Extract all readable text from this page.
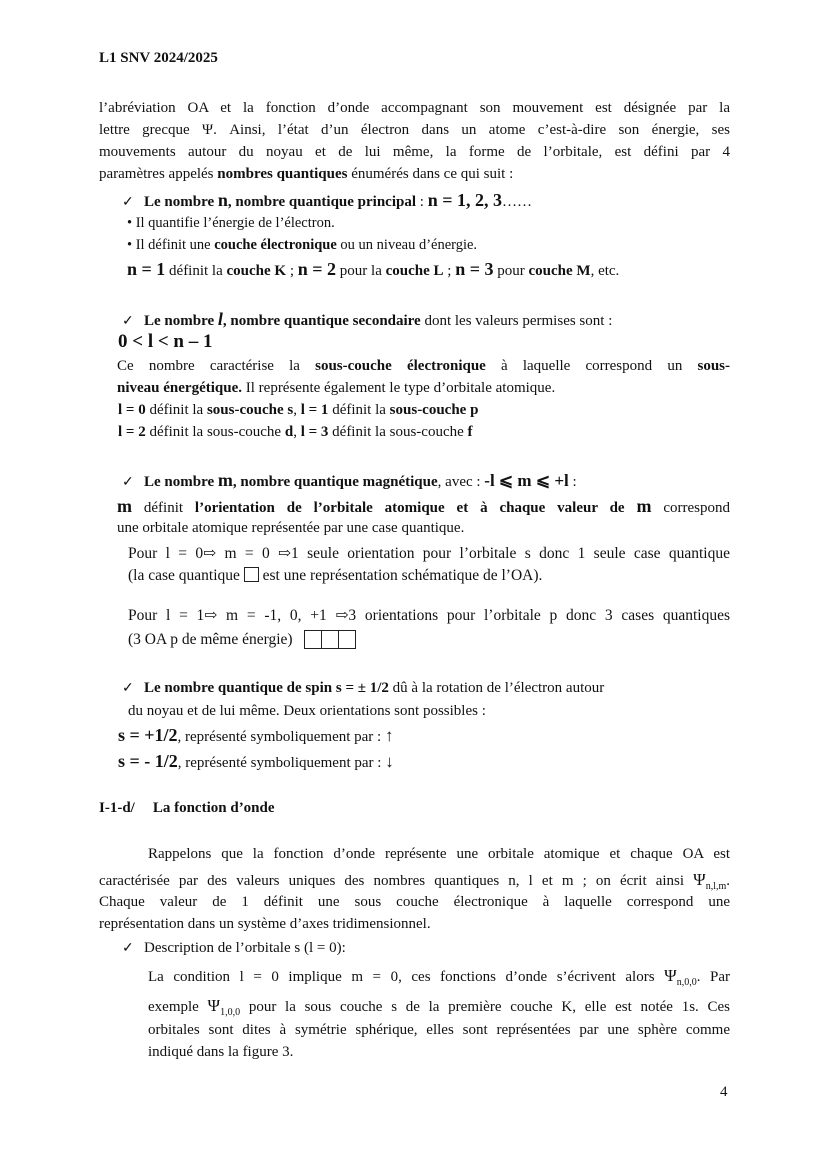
L1 SNV 2024/2025
l’abréviation OA et la fonction d’onde accompagnant son mouvement est désignée par la
lettre grecque Ψ. Ainsi, l’état d’un électron dans un atome c’est-à-dire son énergie, ses
mouvements autour du noyau et de lui même, la forme de l’orbitale, est défini par 4
paramètres appelés nombres quantiques énumérés dans ce qui suit :
✓ Le nombre n, nombre quantique principal : n = 1, 2, 3……
• Il quantifie l’énergie de l’électron.
• Il définit une couche électronique ou un niveau d’énergie.
n = 1 définit la couche K ; n = 2 pour la couche L ; n = 3 pour couche M, etc.
✓ Le nombre l, nombre quantique secondaire dont les valeurs permises sont :
0 < l < n – 1
Ce nombre caractérise la sous-couche électronique à laquelle correspond un sous-
niveau énergétique. Il représente également le type d’orbitale atomique.
l = 0 définit la sous-couche s, l = 1 définit la sous-couche p
l = 2 définit la sous-couche d, l = 3 définit la sous-couche f
✓ Le nombre m, nombre quantique magnétique, avec : -l ⩽ m ⩽ +l :
m définit l’orientation de l’orbitale atomique et à chaque valeur de m correspond
une orbitale atomique représentée par une case quantique.
Pour l = 0⇨ m = 0 ⇨1 seule orientation pour l’orbitale s donc 1 seule case quantique
(la case quantique  est une représentation schématique de l’OA).
Pour l = 1⇨ m = -1, 0, +1 ⇨3 orientations pour l’orbitale p donc 3 cases quantiques
(3 OA p de même énergie)
✓ Le nombre quantique de spin s = ± 1/2 dû à la rotation de l’électron autour
du noyau et de lui même. Deux orientations sont possibles :
s = +1/2, représenté symboliquement par : ↑
s = - 1/2, représenté symboliquement par : ↓
I-1-d/ La fonction d’onde
Rappelons que la fonction d’onde représente une orbitale atomique et chaque OA est
caractérisée par des valeurs uniques des nombres quantiques n, l et m ; on écrit ainsi $\Psi_{n,l,m}$.
Chaque valeur de 1 définit une sous couche électronique à laquelle correspond une
représentation dans un système d’axes tridimensionnel.
✓ Description de l’orbitale s (l = 0):
La condition l = 0 implique m = 0, ces fonctions d’onde s’écrivent alors $\Psi_{n,0,0}$. Par
exemple $\Psi_{1,0,0}$ pour la sous couche s de la première couche K, elle est notée 1s. Ces
orbitales sont dites à symétrie sphérique, elles sont représentées par une sphère comme
indiqué dans la figure 3.
4
